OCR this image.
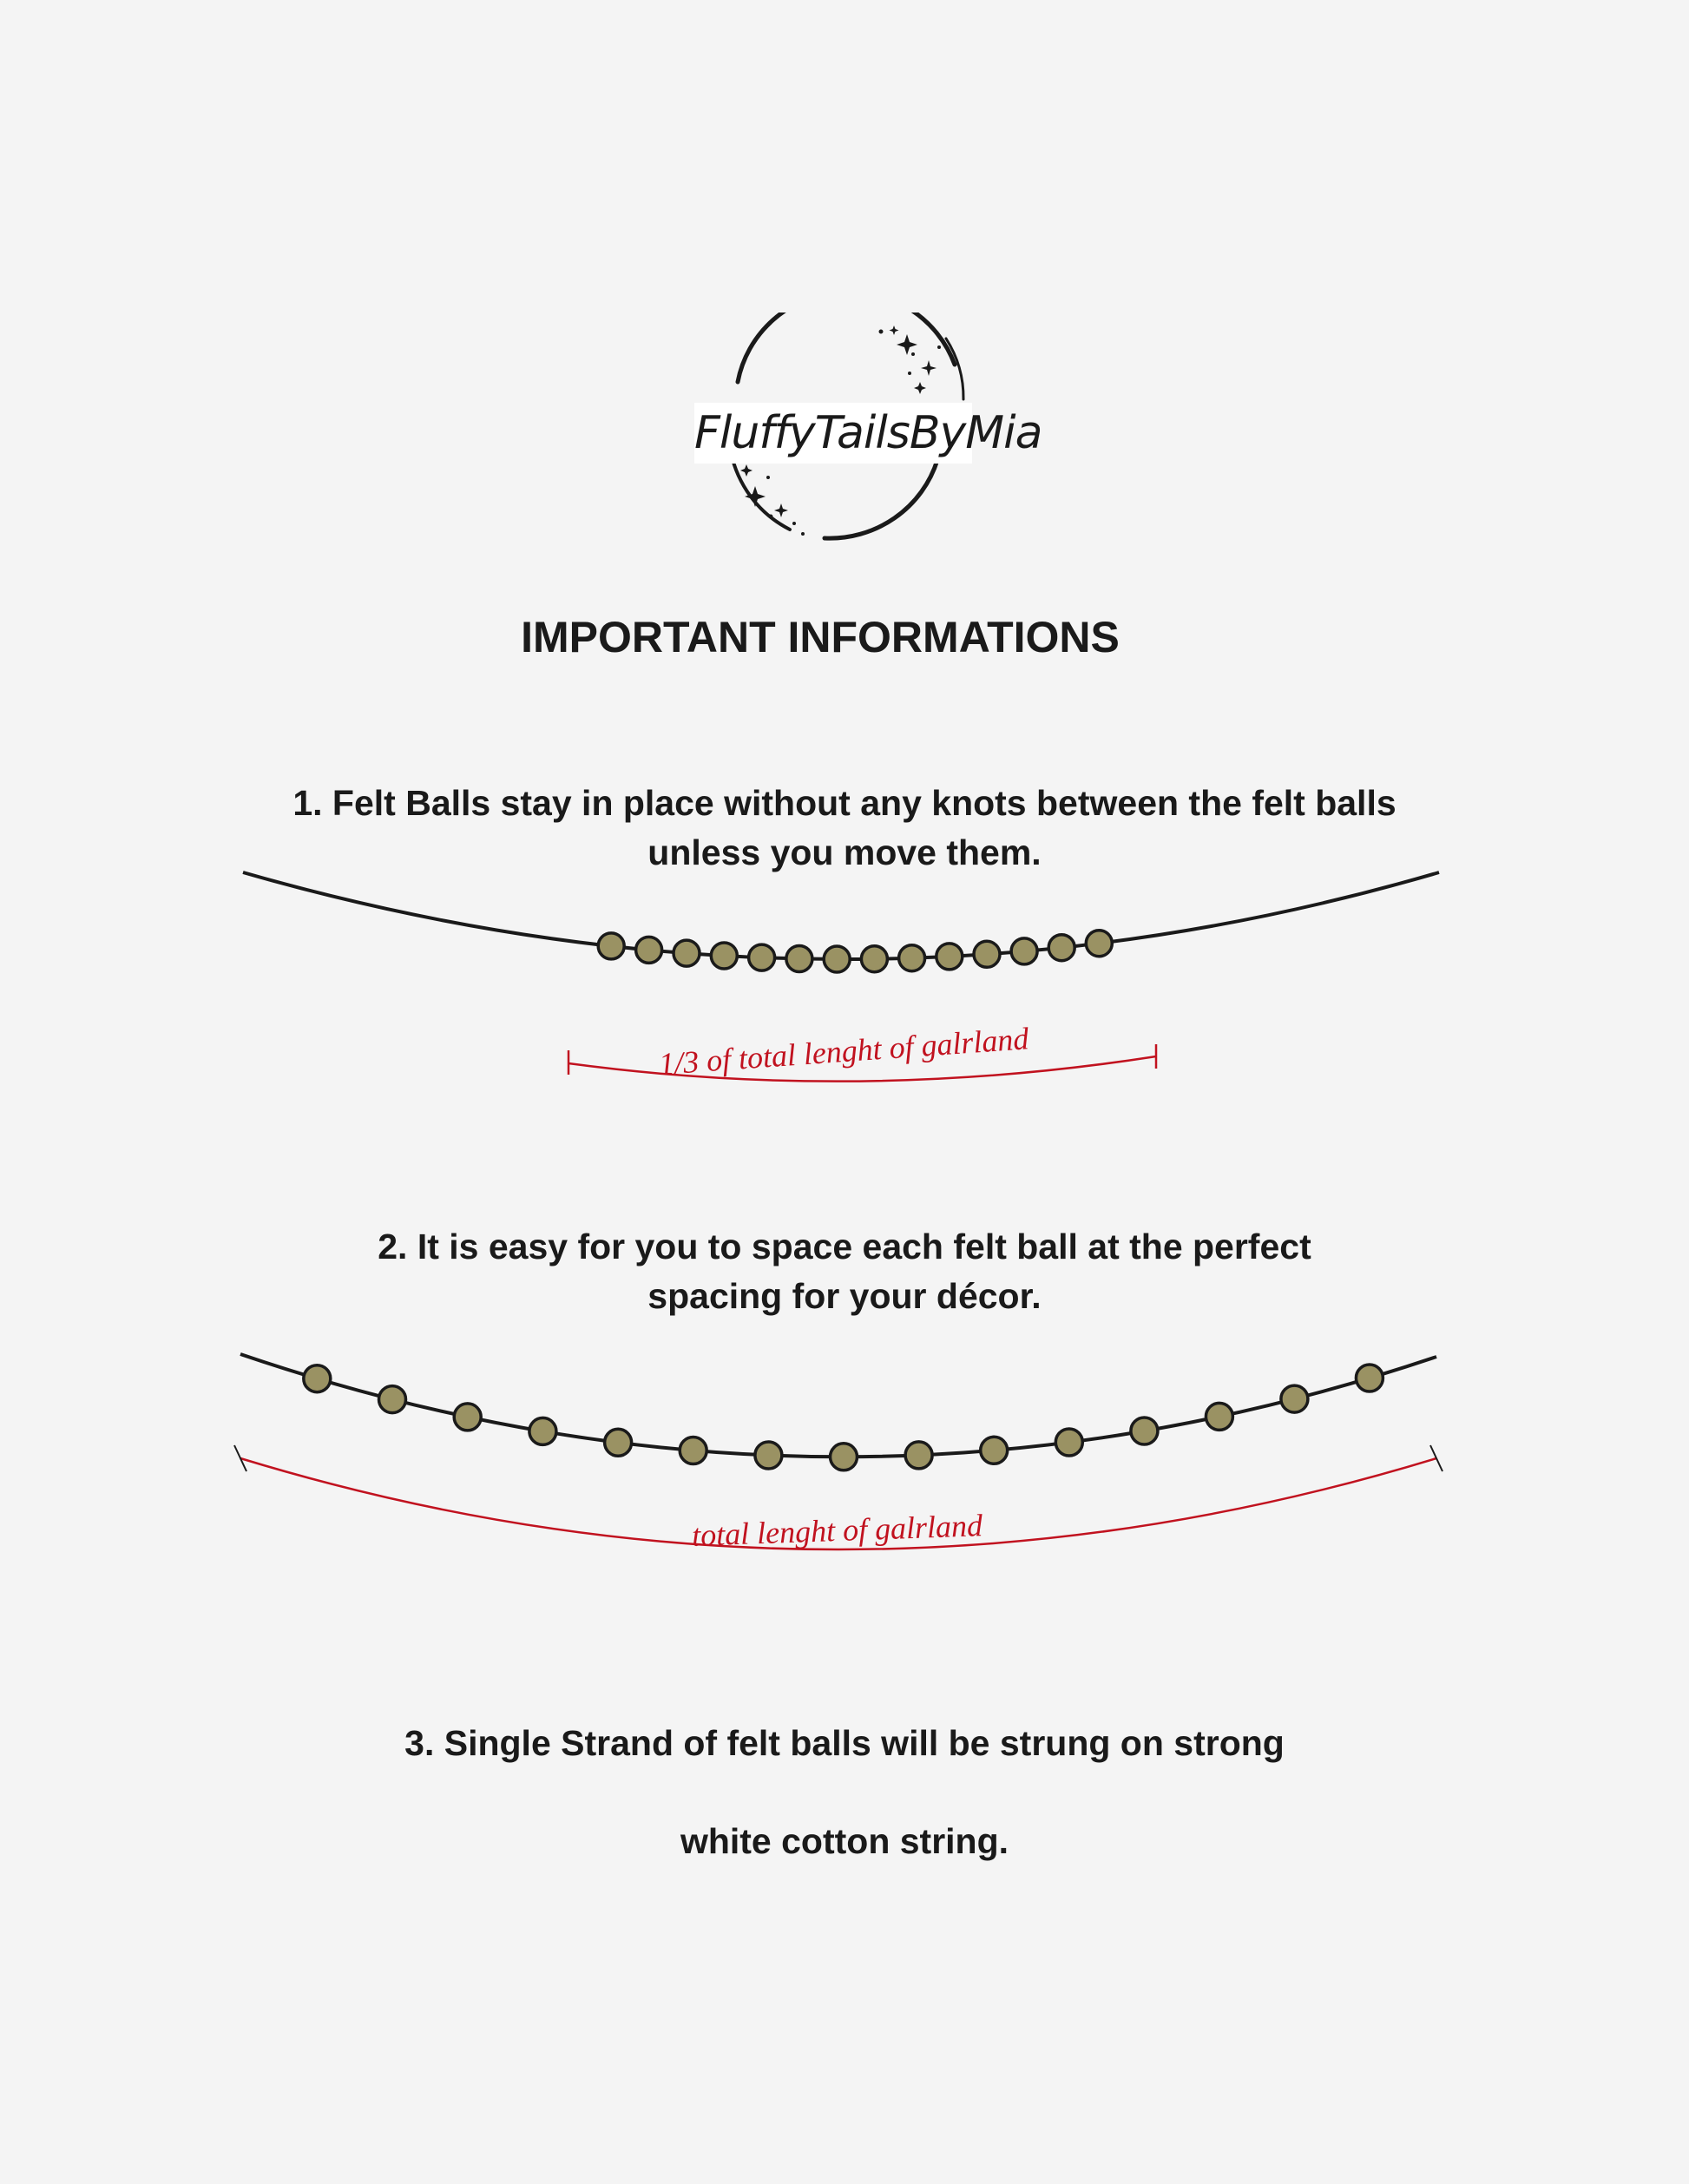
FluffyTailsByMia
IMPORTANT INFORMATIONS
1. Felt Balls stay in place without any knots between the felt balls
unless you move them.
2. It is easy for you to space each felt ball at the perfect
spacing for your décor.
3. Single Strand of felt balls will be strung on strong
white cotton string.
1/3 of total lenght of galrland
total lenght of galrland
